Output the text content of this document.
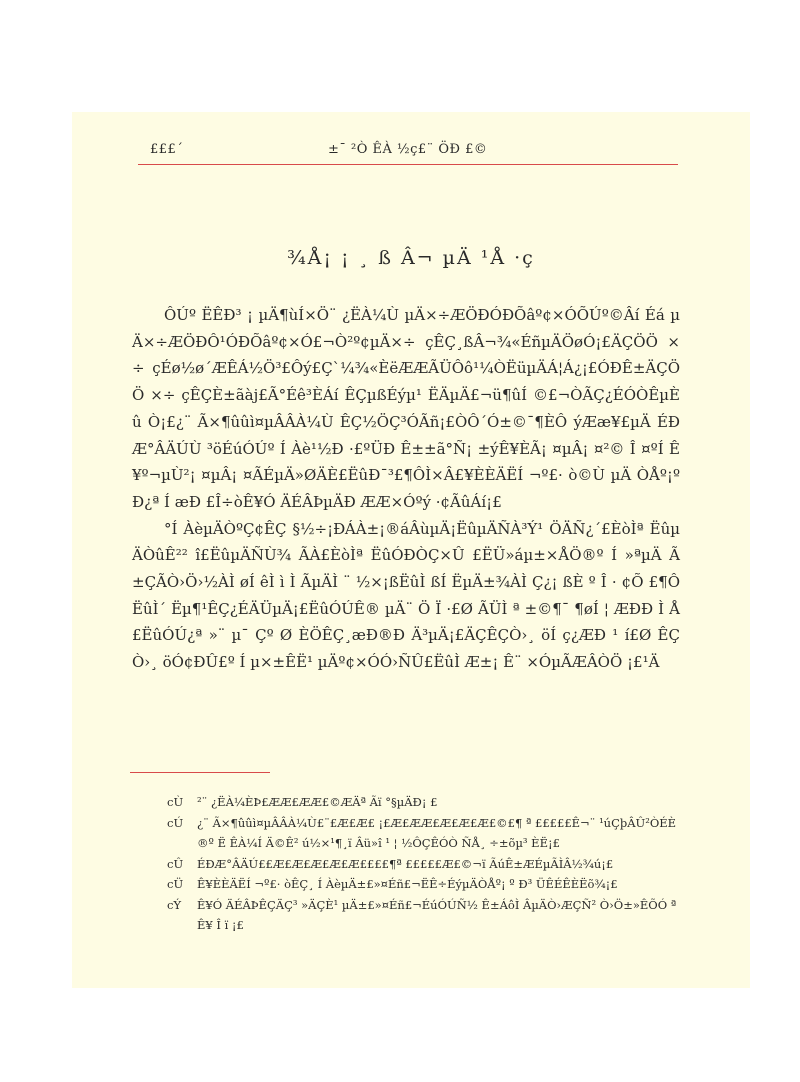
£££´	±¯ ²Ò ÊÀ ½ç£¨ ÖÐ £©
¾Å¡ ¡ ¸ ß Â¬ µÄ ¹Å ·ç

ÔÚº ËÊÐ³ ¡ µÄ¶ùÍ×Ö¨ ¿ËÀ¼Ù µÄ×÷ÆÖÐÓÐÕâº¢×ÓÕÚº©Âí Éá µÄ×÷ÆÖÐÔ¹ÓÐÕâº¢×Ó£¬Ò²º¢µÄ×÷ çÊÇ¸ßÂ¬¾«ÉñµÄÖøÓ¡£ÄÇÖÖ ×÷ çÉø½ø´ÆÊÁ½Ö³£Ôý£Ç`¼¾«ÈëÆÆÃÜÔô¹¼ÒËüµÄÁ¦Á¿¡£ÓÐÊ±ÄÇÖÖ ×÷ çÊÇÈ±ãàj£Ã°Éê³ÈÁí ÊÇµßÉýµ¹ ËÄµÄ£¬ü¶ûÍ ©£¬ÒÃÇ¿ÉÓÒÊµÈû Ò¡£¿¨ Ã×¶ûûì¤µÂÂÀ¼Ù ÊÇ½ÖÇ³ÓÃñ¡£ÒÔ´Ó±©¯¶ÈÔ ýÆæ¥£µÄ ÉÐÆ°ÂÄÚÙ ³öÉúÓÚº Í Àè¹½Ð ·£ºÜÐ Ê±±ã°Ñ¡ ±ýÊ¥ÈÃ¡ ¤µÂ¡ ¤²© Î ¤ºÍ Ê¥º¬µÙ²¡ ¤µÂ¡ ¤ÃÉµÄ»ØÄÈ£ËûÐ¯³£¶ÔÌ×Â£¥ÈÈÄËÍ ¬º£· ò©Ù µÄ ÒÅº¡ºÐ¿ª Í æÐ £Î÷òÊ¥Ó ÄÉÂÞµÄÐ ÆÆ×Óºý ·¢ÃûÁí¡£

°Í ÀèµÄÒºÇ¢ÊÇ §½÷¡ÐÁÀ±¡®áÂùµÄ¡ËûµÄÑÀ³Ý¹ ÖÄÑ¿´£ÈòÌª ËûµÄÒûÊ²² î£ËûµÄÑÙ¾ ÃÀ£ÈòÌª ËûÓÐÒÇ×Û £ËÜ»áµ±×ÅÖ®º Í »ªµÄ Ã±ÇÃÒ›Ö›½ÀÌ øÍ êÌ ì Ì ÃµÄÌ ¨ ½×¡ßËûÌ ßÍ ËµÄ±¾ÀÌ Ç¿¡ ßÈ º Î · ¢Õ £¶ÔËûÌ´ Ëµ¶¹ÊÇ¿ÉÄÜµÄ¡£ËûÓÚÊ® µÄ¨ Ö Ï ·£Ø ÃÜÌ ª ±©¶¯ ¶øÍ ¦ ÆÐÐ Ì Å£ËûÓÚ¿ª »¨ µ¯ Çº Ø ÈÖÊÇ¸æÐ®Ð Ä³µÄ¡£ÄÇÊÇÒ›¸ öÍ ç¿ÆÐ ¹ í£Ø ÊÇÒ›¸ öÓ¢ÐÛ£º Í µ×±ÊË¹ µÄº¢×ÓÓ›ÑÛ£ËûÌ Æ±¡ Ê¨ ×ÓµÃÆÂÒÖ ¡£¹Ä

cÙ ²¨ ¿ËÀ¼ÈÞ£ÆÆ£ÆÆ£©ÆÄª Ãï °§µÄÐ¡ £
cÚ ¿¨ Ã×¶ûûì¤µÂÂÀ¼Ù£¨£Æ£Æ£ ¡£Æ£ÆÆ£Æ£Æ£Æ£©£¶ ª £££££Ê¬¨ ¹úÇþÂÛ²ÒÉÈ®º Ë ÊÀ¼Í Ä©Ê² ú½×¹¶¸ï Âü»î ¹ ¦ ½ÔÇÊÓÒ ÑÅ¸ ÷±õµ³ ÈË¡£
cÛ ÉÐÆ°ÂÄÚ££Æ£Æ£Æ£Æ£Æ££££¶ª £££££Æ£©¬ï ÃúÊ±ÆÉµÃÌÂ½¾ú¡£
cÜ Ê¥ÈÈÄËÍ ¬º£· òÊÇ¸ Í ÀèµÄ±£»¤Éñ£¬ËÊ÷ÉýµÄÒÅº¡ º Ð³ ÜÊÉÊÈËõ¾¡£
cÝ Ê¥Ó ÄÉÂÞÊÇÄÇ³ »ÄÇÈ¹ µÄ±£»¤Éñ£¬ÉúÓÚÑ½ Ê±ÁôÌ ÂµÄÒ›ÆÇÑ² Ò›Ö±»ÊÕÓ ª Ê¥ Î ï ¡£
